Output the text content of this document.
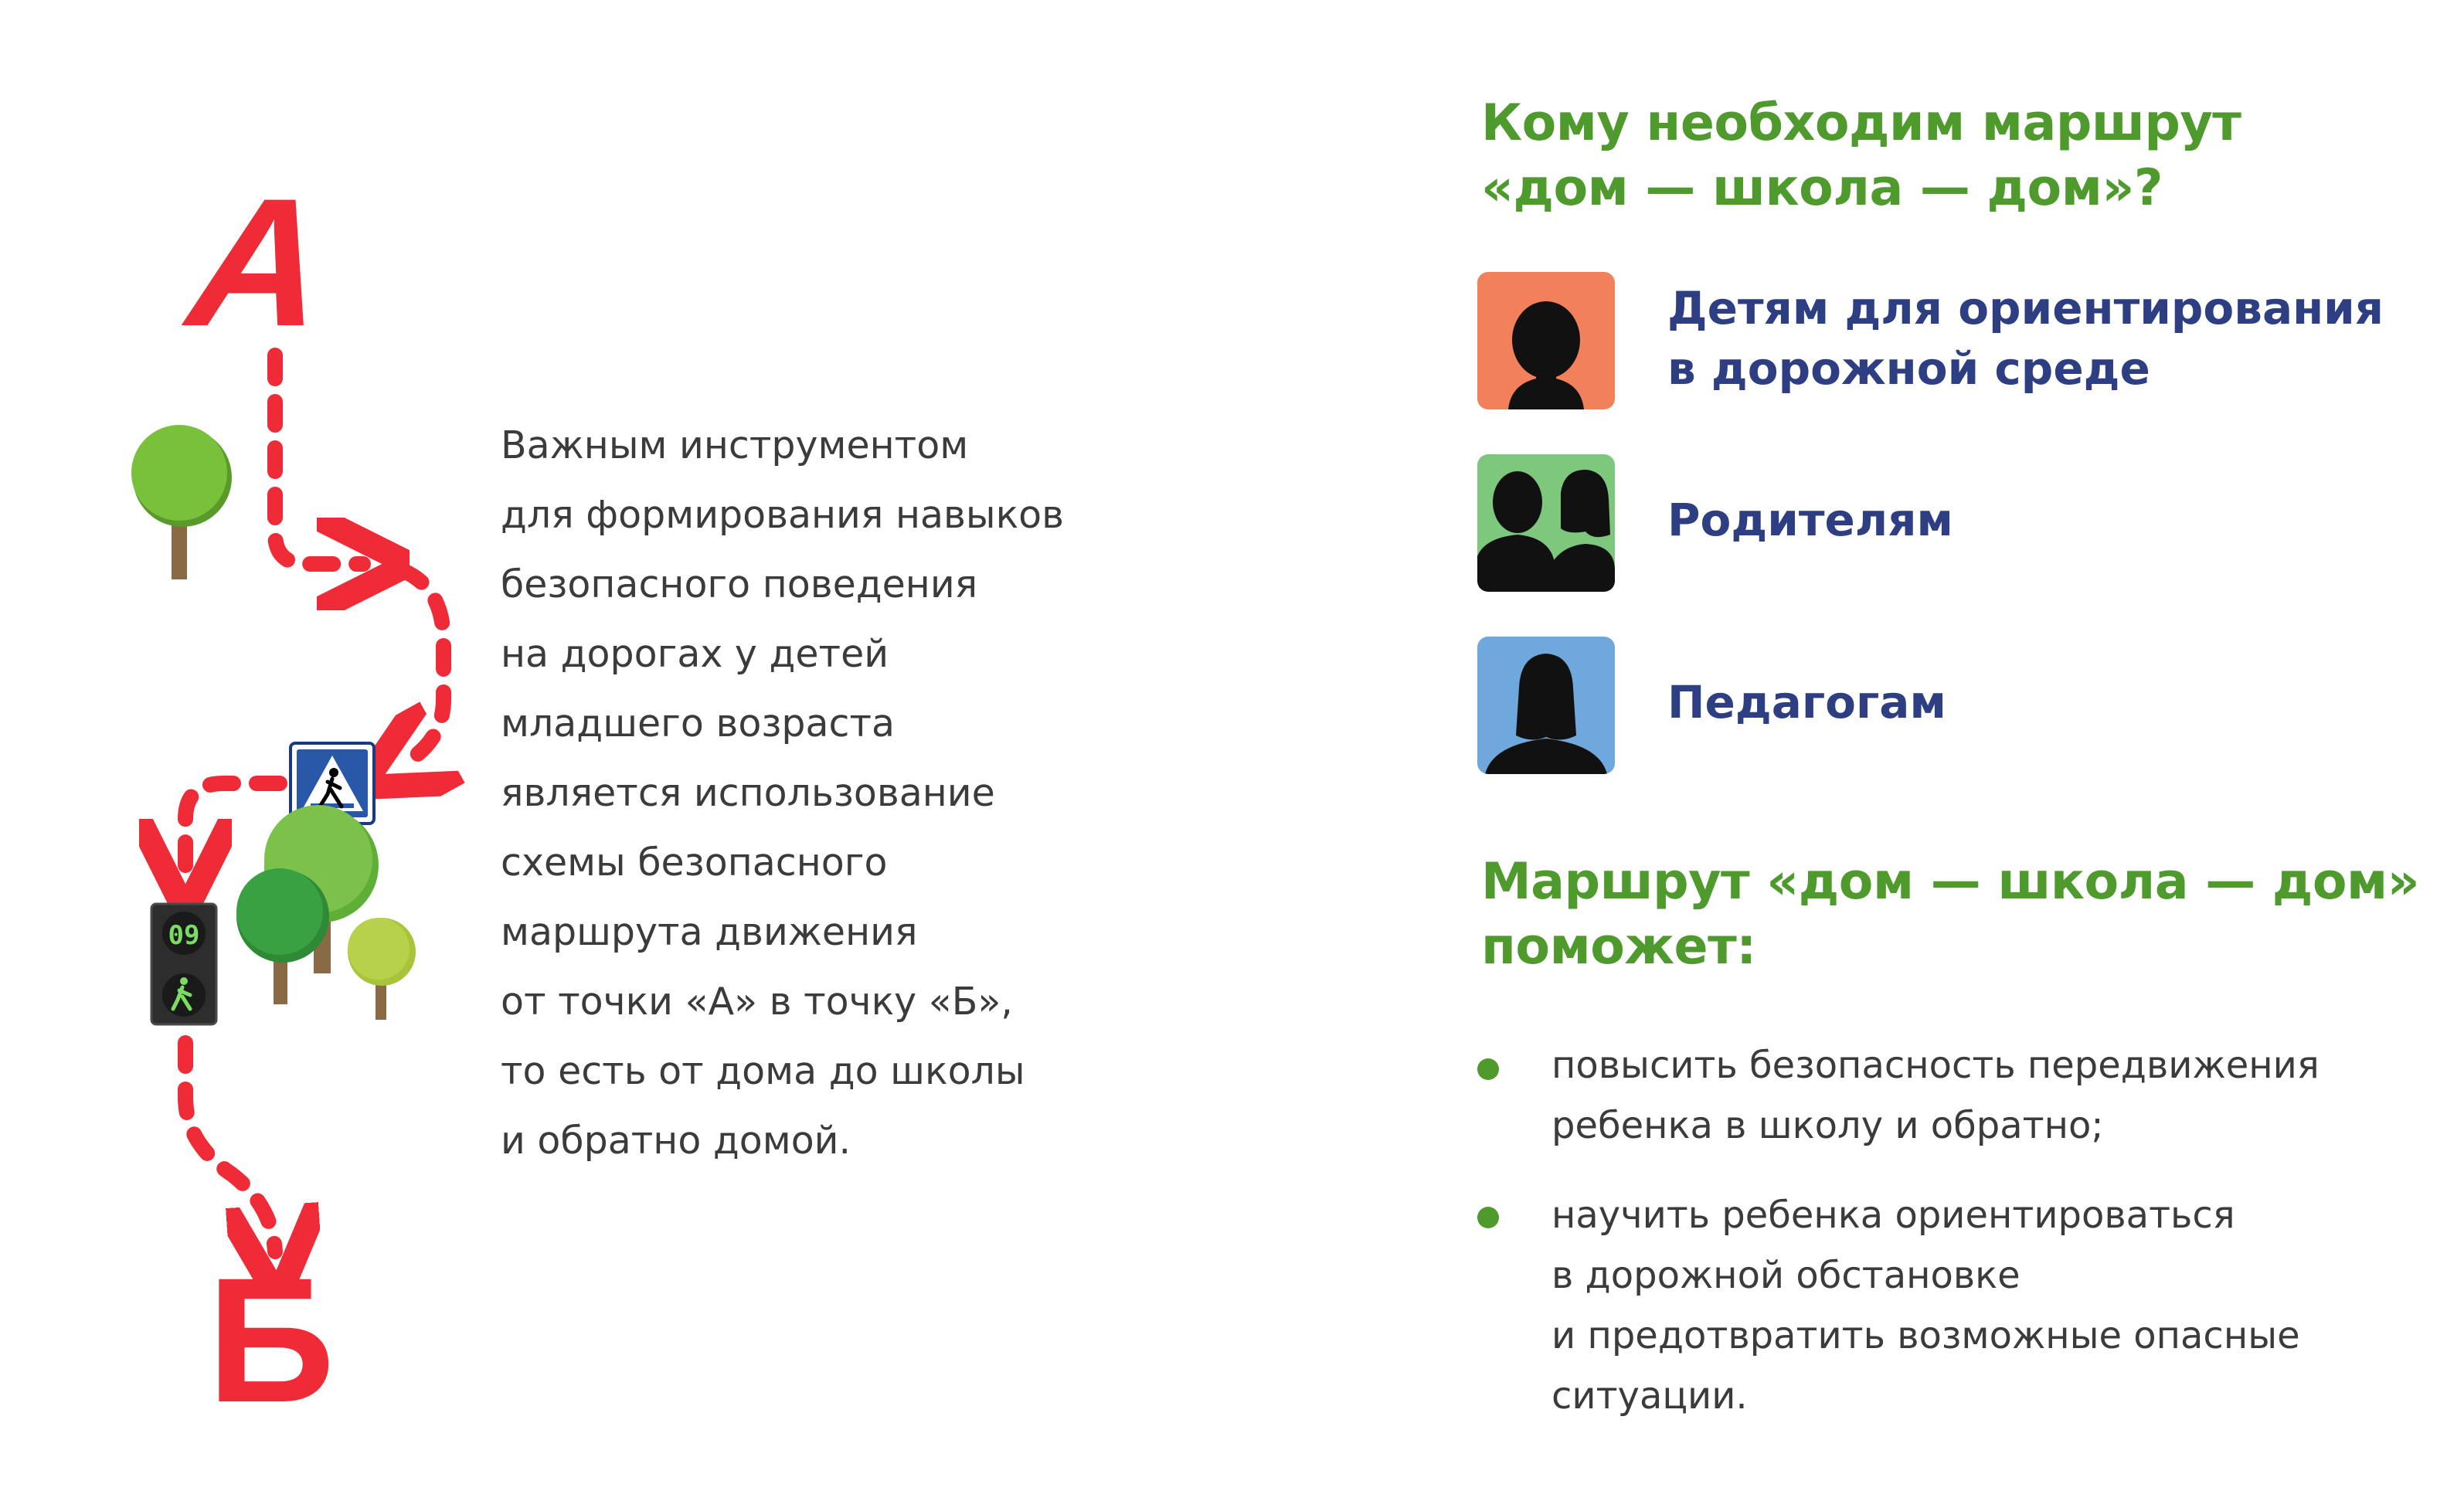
А
Б
09
Важным инструментом
для формирования навыков
безопасного поведения
на дорогах у детей
младшего возраста
является использование
схемы безопасного
маршрута движения
от точки «А» в точку «Б»,
то есть от дома до школы
и обратно домой.
Кому необходим маршрут
«дом — школа — дом»?
Детям для ориентирования
в дорожной среде
Родителям
Педагогам
Маршрут «дом — школа — дом»
поможет:
повысить безопасность передвижения
ребенка в школу и обратно;
научить ребенка ориентироваться
в дорожной обстановке
и предотвратить возможные опасные
ситуации.
